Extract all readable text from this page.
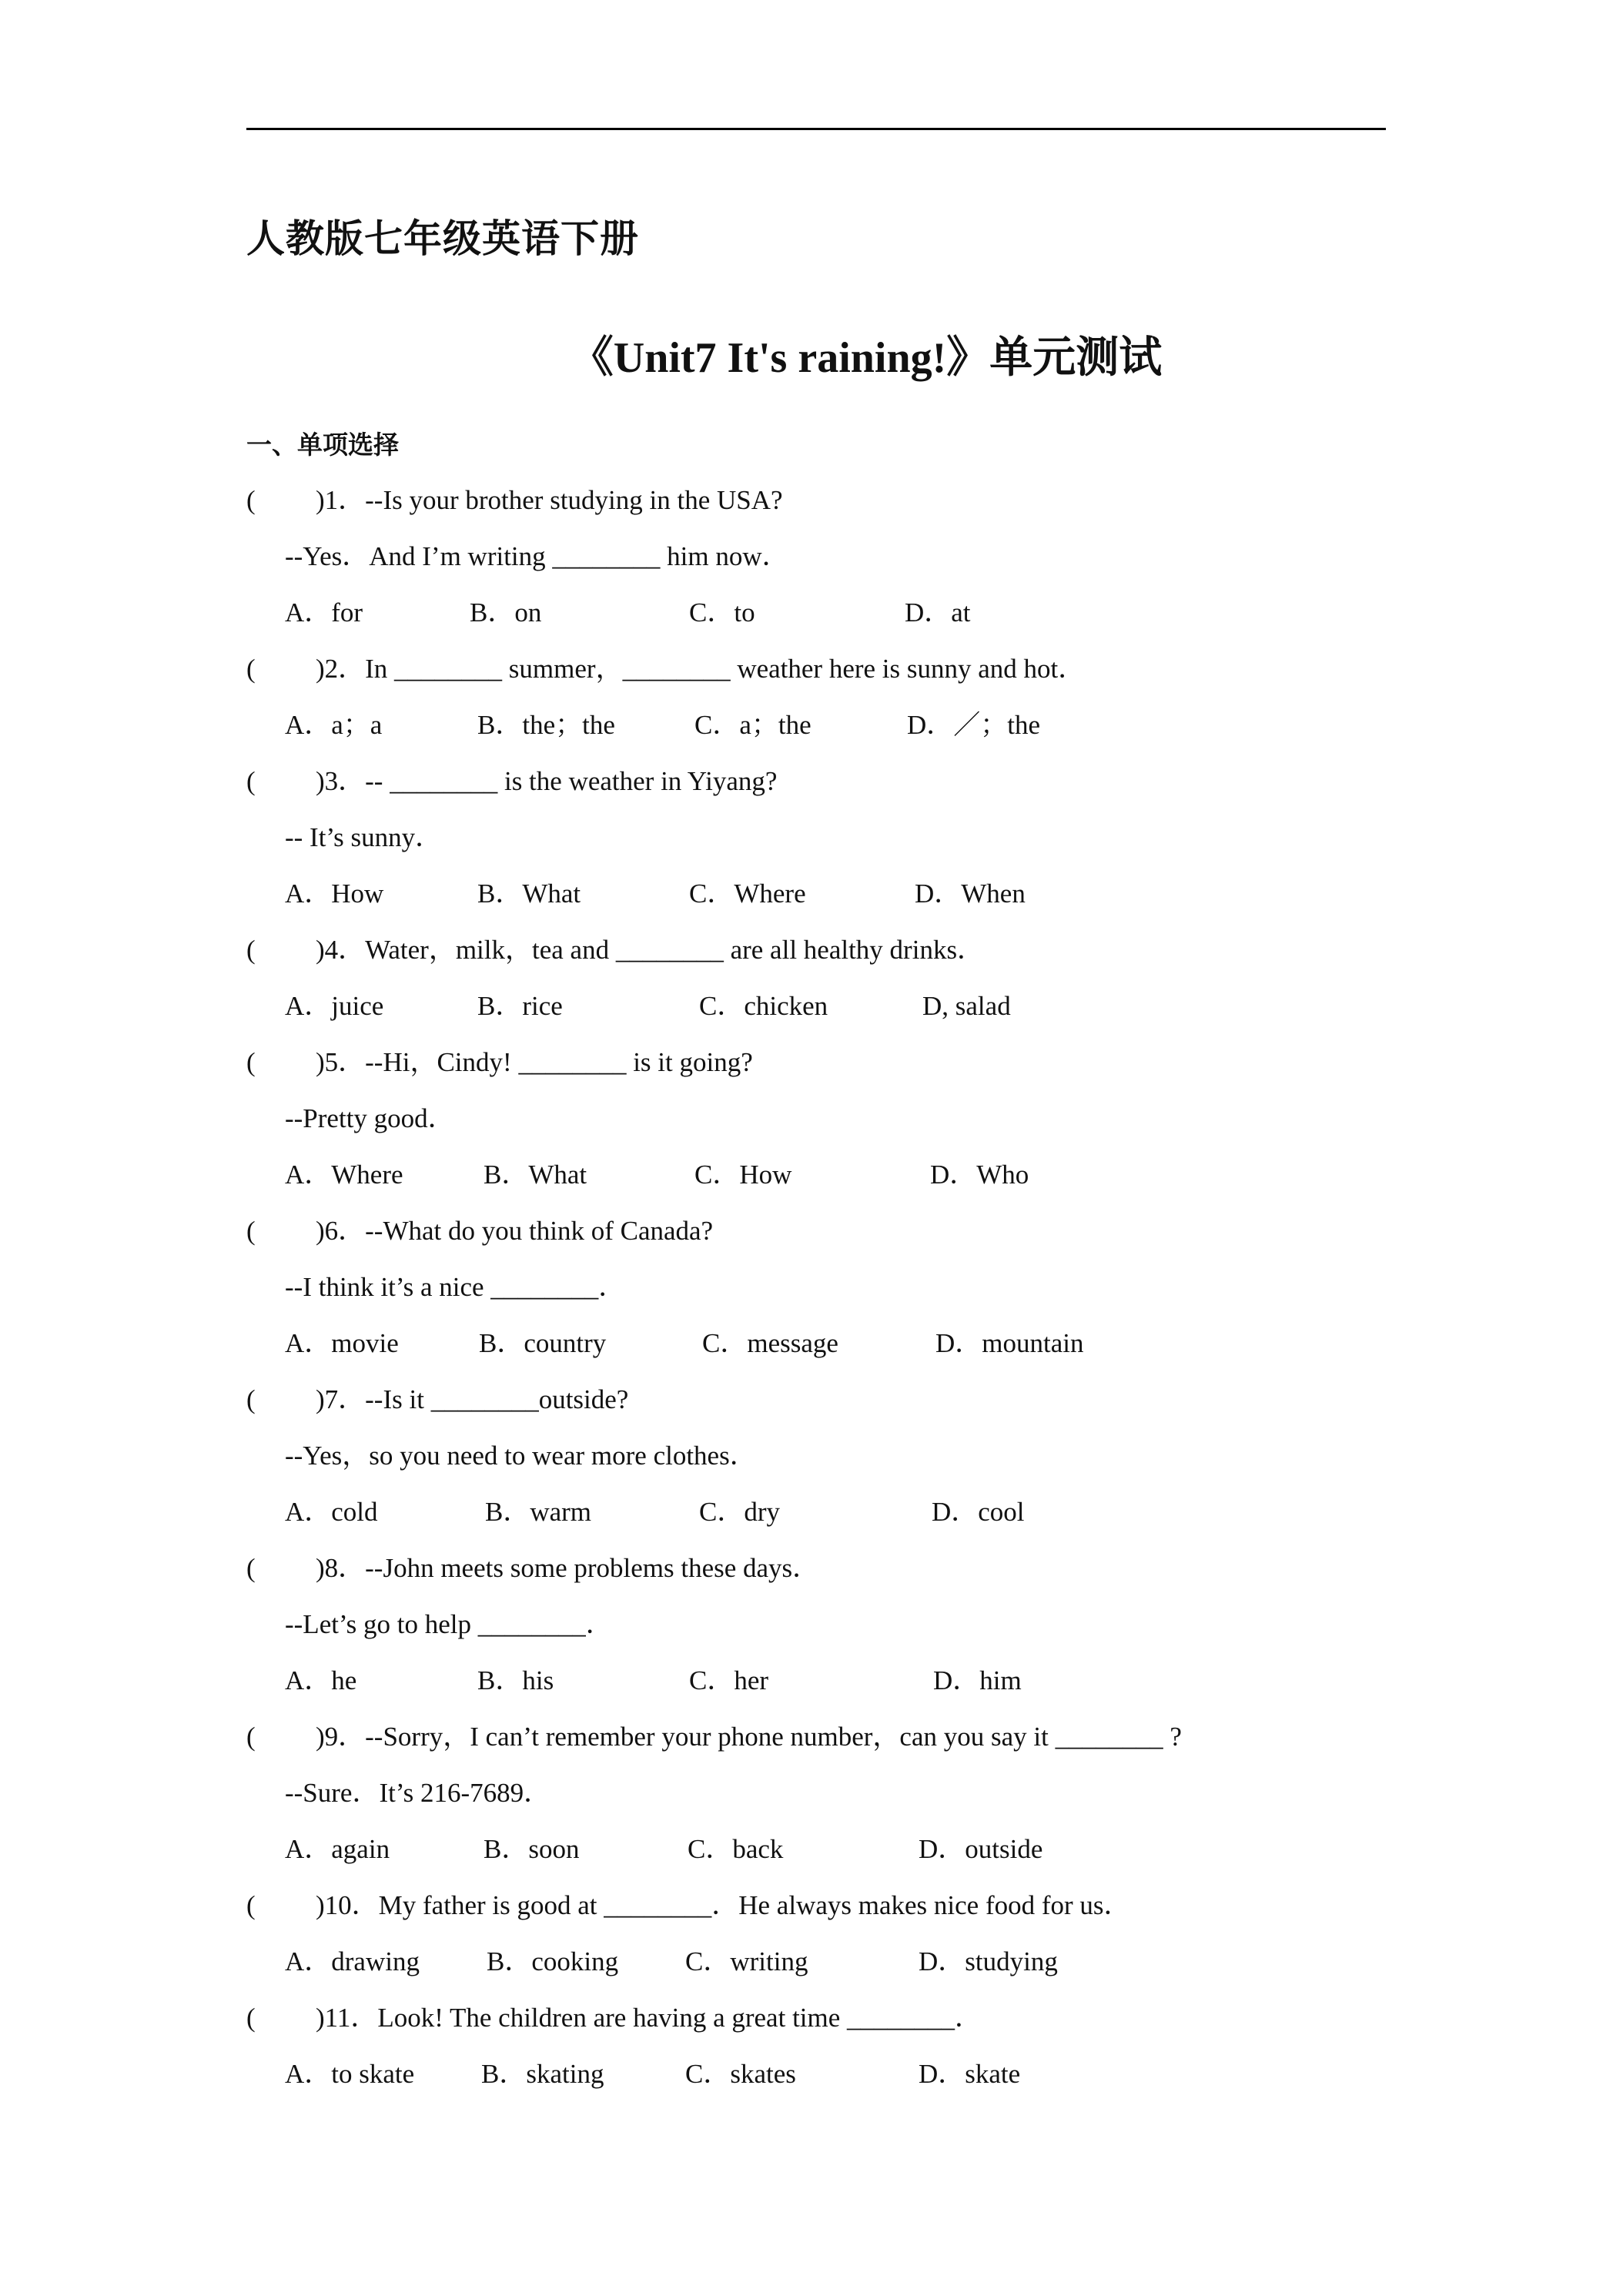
人教版七年级英语下册
《Unit7 It's raining!》单元测试
一、单项选择
( )1．--Is your brother studying in the USA?
--Yes．And I’m writing ________ him now．
A．for	B．on	C．to	D．at
( )2．In ________ summer，________ weather here is sunny and hot．
A．a；a	B．the；the	C．a；the	D．／；the
( )3．-- ________ is the weather in Yiyang?
-- It’s sunny．
A．How	B．What	C．Where	D．When
( )4．Water，milk，tea and ________ are all healthy drinks．
A．juice	B．rice	C．chicken	D, salad
( )5．--Hi，Cindy! ________ is it going?
--Pretty good．
A．Where	B．What	C．How	D．Who
( )6．--What do you think of Canada?
--I think it’s a nice ________．
A．movie	B．country	C．message	D．mountain
( )7．--Is it ________outside?
--Yes，so you need to wear more clothes．
A．cold	B．warm	C．dry	D．cool
( )8．--John meets some problems these days．
--Let’s go to help ________．
A．he	B．his	C．her	D．him
( )9．--Sorry，I can’t remember your phone number，can you say it ________ ?
--Sure．It’s 216-7689．
A．again	B．soon	C．back	D．outside
( )10．My father is good at ________．He always makes nice food for us．
A．drawing B．cooking C．writing	D．studying
( )11．Look! The children are having a great time ________．
A．to skate B．skating	C．skates	D．skate
